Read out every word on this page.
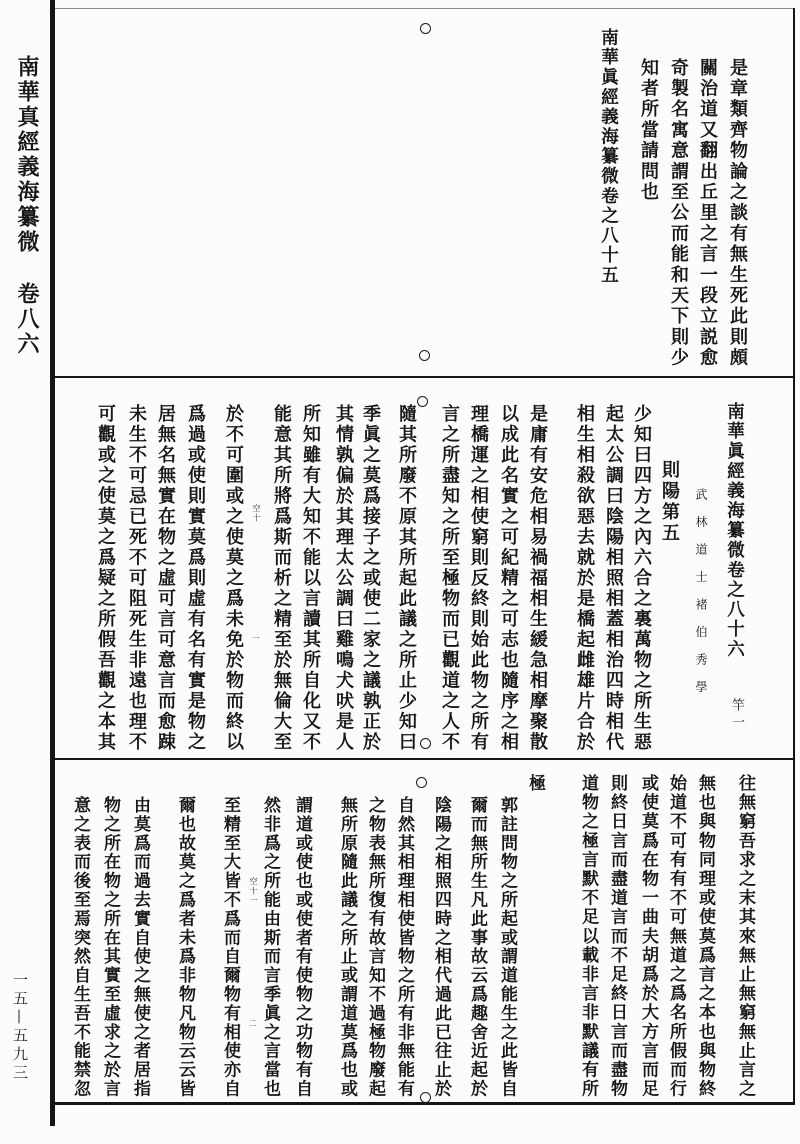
南華真經義海纂微
卷八六
一五—五九三
是章類齊物論之談有無生死此則頗
關治道又翻出丘里之言一段立説愈
奇製名寓意謂至公而能和天下則少
知者所當請問也
南華眞經義海纂微卷之八十五
南華眞經義海纂微卷之八十六
武林道士褚伯秀學
竿一
則陽第五
少知曰四方之內六合之裏萬物之所生惡
起太公調曰陰陽相照相蓋相治四時相代
相生相殺欲惡去就於是橋起雌雄片合於
是庸有安危相易禍福相生緩急相摩聚散
以成此名實之可紀精之可志也隨序之相
理橋運之相使窮則反終則始此物之所有
言之所盡知之所至極物而已觀道之人不
隨其所廢不原其所起此議之所止少知曰
季眞之莫爲接子之或使二家之議孰正於
其情孰偏於其理太公調曰雞鳴犬吠是人
所知雖有大知不能以言讀其所自化又不
能意其所將爲斯而析之精至於無倫大至
於不可圍或之使莫之爲未免於物而終以
爲過或使則實莫爲則虛有名有實是物之
居無名無實在物之虛可言可意言而愈踈
未生不可忌已死不可阻死生非遠也理不
可觀或之使莫之爲疑之所假吾觀之本其	空十
一
往無窮吾求之末其來無止無窮無止言之
無也與物同理或使莫爲言之本也與物終
始道不可有有不可無道之爲名所假而行
或使莫爲在物一曲夫胡爲於大方言而足
則終日言而盡道言而不足終日言而盡物
道物之極言默不足以載非言非默議有所
極
郭註問物之所起或謂道能生之此皆自
爾而無所生凡此事故云爲趣舍近起於
陰陽之相照四時之相代過此已往止於
自然其相理相使皆物之所有非無能有
之物表無所復有故言知不過極物廢起
無所原隨此議之所止或謂道莫爲也或
謂道或使也或使者有使物之功物有自
然非爲之所能由斯而言季眞之言當也
至精至大皆不爲而自爾物有相使亦自
爾也故莫之爲者未爲非物凡物云云皆
由莫爲而過去實自使之無使之者居指
物之所在物之所在其實至虛求之於言
意之表而後至焉突然自生吾不能禁忽	空十一
二
